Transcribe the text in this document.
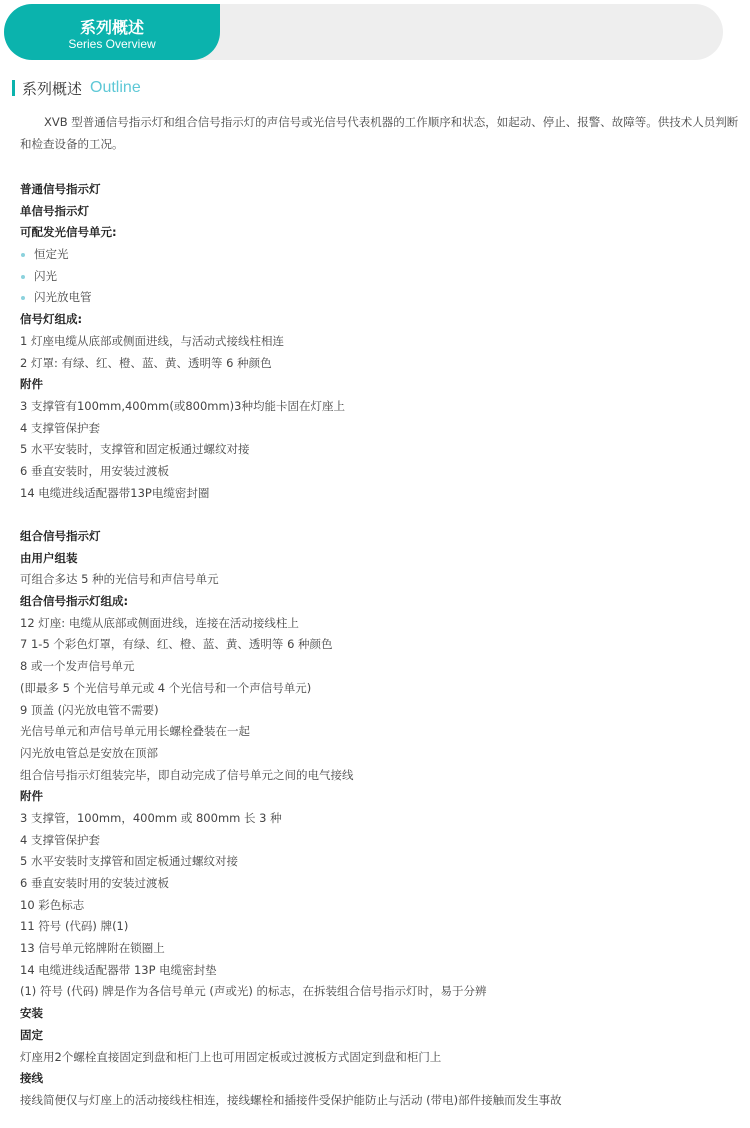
系列概述
Series Overview
系列概述 Outline

XVB 型普通信号指示灯和组合信号指示灯的声信号或光信号代表机器的工作顺序和状态，如起动、停止、报警、故障等。供技术人员判断和检查设备的工况。

普通信号指示灯
单信号指示灯
可配发光信号单元:
恒定光
闪光
闪光放电管
信号灯组成:
1 灯座电缆从底部或侧面进线，与活动式接线柱相连
2 灯罩: 有绿、红、橙、蓝、黄、透明等 6 种颜色
附件
3 支撑管有100mm,400mm(或800mm)3种均能卡固在灯座上
4 支撑管保护套
5 水平安装时，支撑管和固定板通过螺纹对接
6 垂直安装时，用安装过渡板
14 电缆进线适配器带13P电缆密封圈
组合信号指示灯
由用户组装
可组合多达 5 种的光信号和声信号单元
组合信号指示灯组成:
12 灯座: 电缆从底部或侧面进线，连接在活动接线柱上
7 1-5 个彩色灯罩，有绿、红、橙、蓝、黄、透明等 6 种颜色
8 或一个发声信号单元
(即最多 5 个光信号单元或 4 个光信号和一个声信号单元)
9 顶盖 (闪光放电管不需要)
光信号单元和声信号单元用长螺栓叠装在一起
闪光放电管总是安放在顶部
组合信号指示灯组装完毕，即自动完成了信号单元之间的电气接线
附件
3 支撑管，100mm，400mm 或 800mm 长 3 种
4 支撑管保护套
5 水平安装时支撑管和固定板通过螺纹对接
6 垂直安装时用的安装过渡板
10 彩色标志
11 符号 (代码) 牌(1)
13 信号单元铭牌附在锁圈上
14 电缆进线适配器带 13P 电缆密封垫
(1) 符号 (代码) 牌是作为各信号单元 (声或光) 的标志，在拆装组合信号指示灯时，易于分辨
安装
固定
灯座用2个螺栓直接固定到盘和柜门上也可用固定板或过渡板方式固定到盘和柜门上
接线
接线简便仅与灯座上的活动接线柱相连，接线螺栓和插接件受保护能防止与活动 (带电)部件接触而发生事故
